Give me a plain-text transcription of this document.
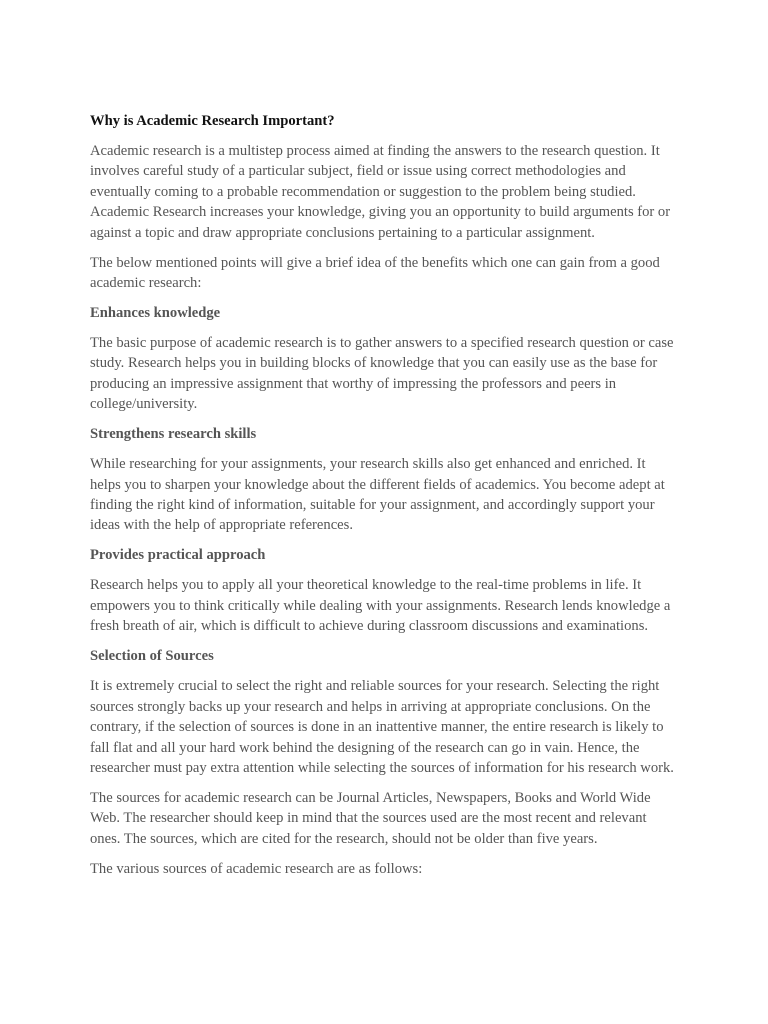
Why is Academic Research Important?

Academic research is a multistep process aimed at finding the answers to the research question. It involves careful study of a particular subject, field or issue using correct methodologies and eventually coming to a probable recommendation or suggestion to the problem being studied. Academic Research increases your knowledge, giving you an opportunity to build arguments for or against a topic and draw appropriate conclusions pertaining to a particular assignment.

The below mentioned points will give a brief idea of the benefits which one can gain from a good academic research:

Enhances knowledge

The basic purpose of academic research is to gather answers to a specified research question or case study. Research helps you in building blocks of knowledge that you can easily use as the base for producing an impressive assignment that worthy of impressing the professors and peers in college/university.

Strengthens research skills

While researching for your assignments, your research skills also get enhanced and enriched. It helps you to sharpen your knowledge about the different fields of academics. You become adept at finding the right kind of information, suitable for your assignment, and accordingly support your ideas with the help of appropriate references.

Provides practical approach

Research helps you to apply all your theoretical knowledge to the real-time problems in life. It empowers you to think critically while dealing with your assignments. Research lends knowledge a fresh breath of air, which is difficult to achieve during classroom discussions and examinations.

Selection of Sources

It is extremely crucial to select the right and reliable sources for your research. Selecting the right sources strongly backs up your research and helps in arriving at appropriate conclusions. On the contrary, if the selection of sources is done in an inattentive manner, the entire research is likely to fall flat and all your hard work behind the designing of the research can go in vain. Hence, the researcher must pay extra attention while selecting the sources of information for his research work.

The sources for academic research can be Journal Articles, Newspapers, Books and World Wide Web. The researcher should keep in mind that the sources used are the most recent and relevant ones. The sources, which are cited for the research, should not be older than five years.

The various sources of academic research are as follows:
